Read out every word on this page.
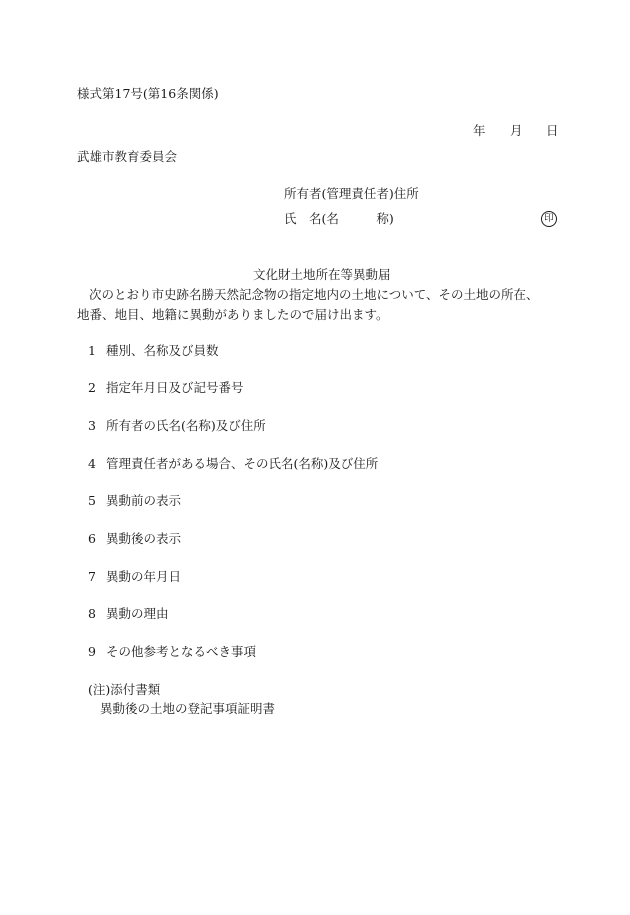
様式第17号(第16条関係)
年 月 日
武雄市教育委員会
所有者(管理責任者)住所
氏　名(名　　　称)	印
文化財土地所在等異動届
次のとおり市史跡名勝天然記念物の指定地内の土地について、その土地の所在、地番、地目、地籍に異動がありましたので届け出ます。
1 種別、名称及び員数
2 指定年月日及び記号番号
3 所有者の氏名(名称)及び住所
4 管理責任者がある場合、その氏名(名称)及び住所
5 異動前の表示
6 異動後の表示
7 異動の年月日
8 異動の理由
9 その他参考となるべき事項
(注)添付書類
異動後の土地の登記事項証明書
